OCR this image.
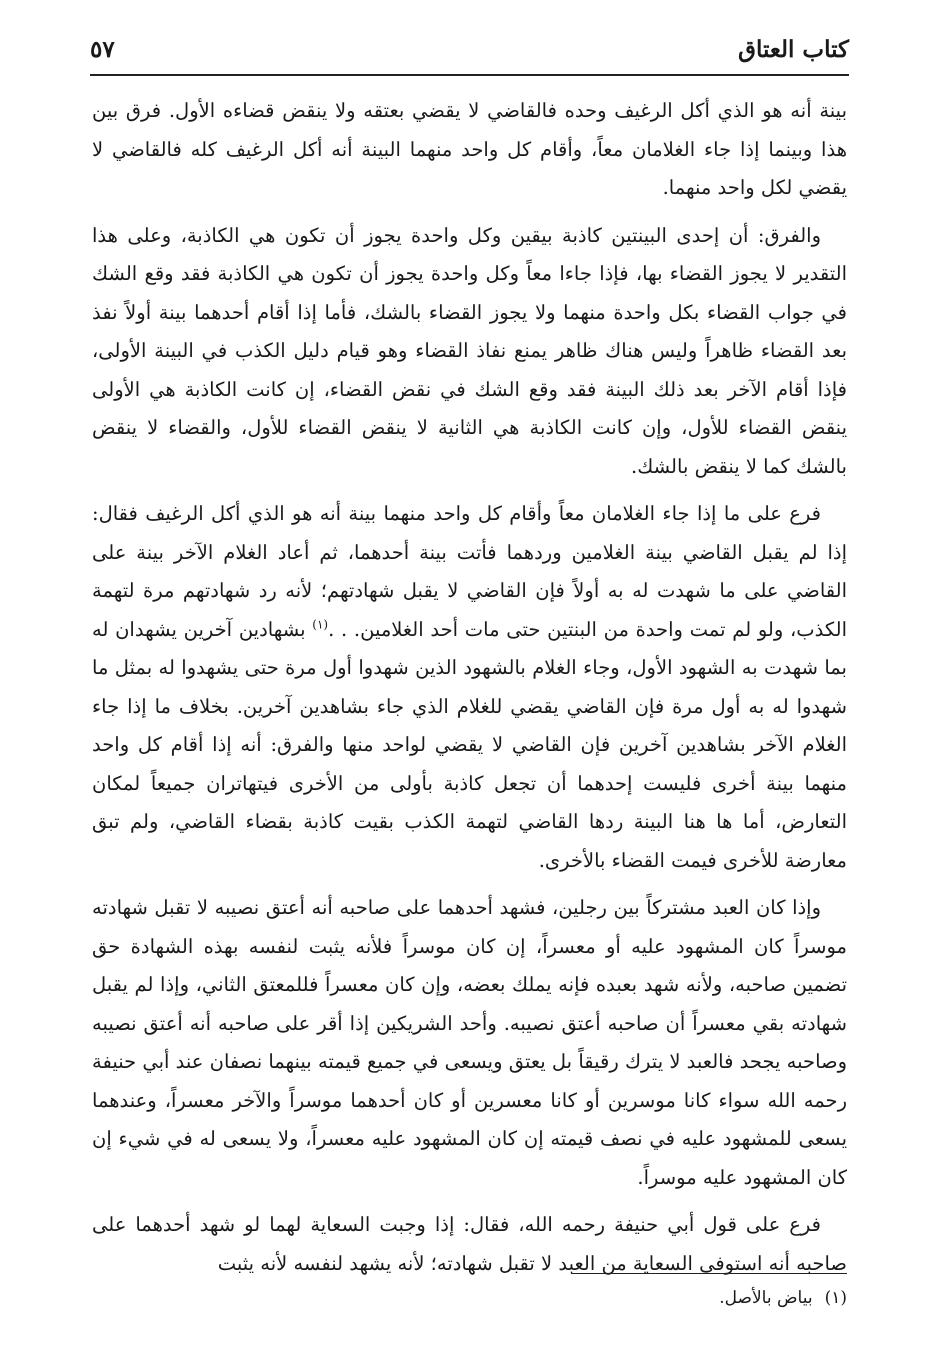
كتاب العتاق
٥٧

بينة أنه هو الذي أكل الرغيف وحده فالقاضي لا يقضي بعتقه ولا ينقض قضاءه الأول. فرق بين هذا وبينما إذا جاء الغلامان معاً، وأقام كل واحد منهما البينة أنه أكل الرغيف كله فالقاضي لا يقضي لكل واحد منهما.

والفرق: أن إحدى البينتين كاذبة بيقين وكل واحدة يجوز أن تكون هي الكاذبة، وعلى هذا التقدير لا يجوز القضاء بها، فإذا جاءا معاً وكل واحدة يجوز أن تكون هي الكاذبة فقد وقع الشك في جواب القضاء بكل واحدة منهما ولا يجوز القضاء بالشك، فأما إذا أقام أحدهما بينة أولاً نفذ بعد القضاء ظاهراً وليس هناك ظاهر يمنع نفاذ القضاء وهو قيام دليل الكذب في البينة الأولى، فإذا أقام الآخر بعد ذلك البينة فقد وقع الشك في نقض القضاء، إن كانت الكاذبة هي الأولى ينقض القضاء للأول، وإن كانت الكاذبة هي الثانية لا ينقض القضاء للأول، والقضاء لا ينقض بالشك كما لا ينقض بالشك.

فرع على ما إذا جاء الغلامان معاً وأقام كل واحد منهما بينة أنه هو الذي أكل الرغيف فقال: إذا لم يقبل القاضي بينة الغلامين وردهما فأتت بينة أحدهما، ثم أعاد الغلام الآخر بينة على القاضي على ما شهدت له به أولاً فإن القاضي لا يقبل شهادتهم؛ لأنه رد شهادتهم مرة لتهمة الكذب، ولو لم تمت واحدة من البنتين حتى مات أحد الغلامين. . .$^{(١)}$ بشهادين آخرين يشهدان له بما شهدت به الشهود الأول، وجاء الغلام بالشهود الذين شهدوا أول مرة حتى يشهدوا له بمثل ما شهدوا له به أول مرة فإن القاضي يقضي للغلام الذي جاء بشاهدين آخرين. بخلاف ما إذا جاء الغلام الآخر بشاهدين آخرين فإن القاضي لا يقضي لواحد منها والفرق: أنه إذا أقام كل واحد منهما بينة أخرى فليست إحدهما أن تجعل كاذبة بأولى من الأخرى فيتهاتران جميعاً لمكان التعارض، أما ها هنا البينة ردها القاضي لتهمة الكذب بقيت كاذبة بقضاء القاضي، ولم تبق معارضة للأخرى فيمت القضاء بالأخرى.

وإذا كان العبد مشتركاً بين رجلين، فشهد أحدهما على صاحبه أنه أعتق نصيبه لا تقبل شهادته موسراً كان المشهود عليه أو معسراً، إن كان موسراً فلأنه يثبت لنفسه بهذه الشهادة حق تضمين صاحبه، ولأنه شهد بعبده فإنه يملك بعضه، وإن كان معسراً فللمعتق الثاني، وإذا لم يقبل شهادته بقي معسراً أن صاحبه أعتق نصيبه. وأحد الشريكين إذا أقر على صاحبه أنه أعتق نصيبه وصاحبه يجحد فالعبد لا يترك رقيقاً بل يعتق ويسعى في جميع قيمته بينهما نصفان عند أبي حنيفة رحمه الله سواء كانا موسرين أو كانا معسرين أو كان أحدهما موسراً والآخر معسراً، وعندهما يسعى للمشهود عليه في نصف قيمته إن كان المشهود عليه معسراً، ولا يسعى له في شيء إن كان المشهود عليه موسراً.

فرع على قول أبي حنيفة رحمه الله، فقال: إذا وجبت السعاية لهما لو شهد أحدهما على صاحبه أنه استوفى السعاية من العبد لا تقبل شهادته؛ لأنه يشهد لنفسه لأنه يثبت

(١)بياض بالأصل.
